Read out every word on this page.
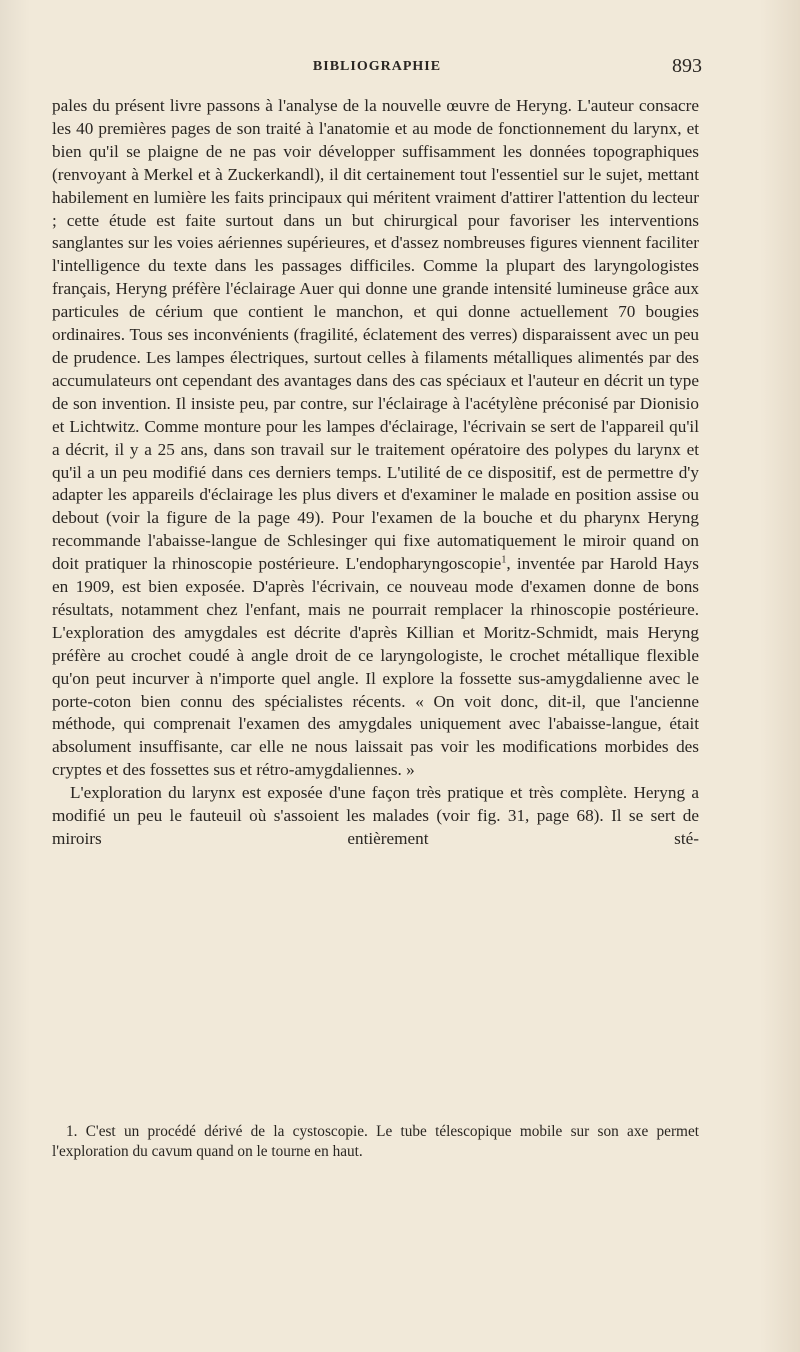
BIBLIOGRAPHIE	893

pales du présent livre passons à l'analyse de la nouvelle œuvre de Heryng. L'auteur consacre les 40 premières pages de son traité à l'anatomie et au mode de fonctionnement du larynx, et bien qu'il se plaigne de ne pas voir développer suffisamment les données topographiques (renvoyant à Merkel et à Zuckerkandl), il dit certainement tout l'essentiel sur le sujet, mettant habilement en lumière les faits principaux qui méritent vraiment d'attirer l'attention du lecteur ; cette étude est faite surtout dans un but chirurgical pour favoriser les interventions sanglantes sur les voies aériennes supérieures, et d'assez nombreuses figures viennent faciliter l'intelligence du texte dans les passages difficiles. Comme la plupart des laryngologistes français, Heryng préfère l'éclairage Auer qui donne une grande intensité lumineuse grâce aux particules de cérium que contient le manchon, et qui donne actuellement 70 bougies ordinaires. Tous ses inconvénients (fragilité, éclatement des verres) disparaissent avec un peu de prudence. Les lampes électriques, surtout celles à filaments métalliques alimentés par des accumulateurs ont cependant des avantages dans des cas spéciaux et l'auteur en décrit un type de son invention. Il insiste peu, par contre, sur l'éclairage à l'acétylène préconisé par Dionisio et Lichtwitz. Comme monture pour les lampes d'éclairage, l'écrivain se sert de l'appareil qu'il a décrit, il y a 25 ans, dans son travail sur le traitement opératoire des polypes du larynx et qu'il a un peu modifié dans ces derniers temps. L'utilité de ce dispositif, est de permettre d'y adapter les appareils d'éclairage les plus divers et d'examiner le malade en position assise ou debout (voir la figure de la page 49). Pour l'examen de la bouche et du pharynx Heryng recommande l'abaisse-langue de Schlesinger qui fixe automatiquement le miroir quand on doit pratiquer la rhinoscopie postérieure. L'endopharyngoscopie$^1$, inventée par Harold Hays en 1909, est bien exposée. D'après l'écrivain, ce nouveau mode d'examen donne de bons résultats, notamment chez l'enfant, mais ne pourrait remplacer la rhinoscopie postérieure. L'exploration des amygdales est décrite d'après Killian et Moritz-Schmidt, mais Heryng préfère au crochet coudé à angle droit de ce laryngologiste, le crochet métallique flexible qu'on peut incurver à n'importe quel angle. Il explore la fossette sus-amygdalienne avec le porte-coton bien connu des spécialistes récents. « On voit donc, dit-il, que l'ancienne méthode, qui comprenait l'examen des amygdales uniquement avec l'abaisse-langue, était absolument insuffisante, car elle ne nous laissait pas voir les modifications morbides des cryptes et des fossettes sus et rétro-amygdaliennes. »

L'exploration du larynx est exposée d'une façon très pratique et très complète. Heryng a modifié un peu le fauteuil où s'assoient les malades (voir fig. 31, page 68). Il se sert de miroirs entièrement sté-

1. C'est un procédé dérivé de la cystoscopie. Le tube télescopique mobile sur son axe permet l'exploration du cavum quand on le tourne en haut.
